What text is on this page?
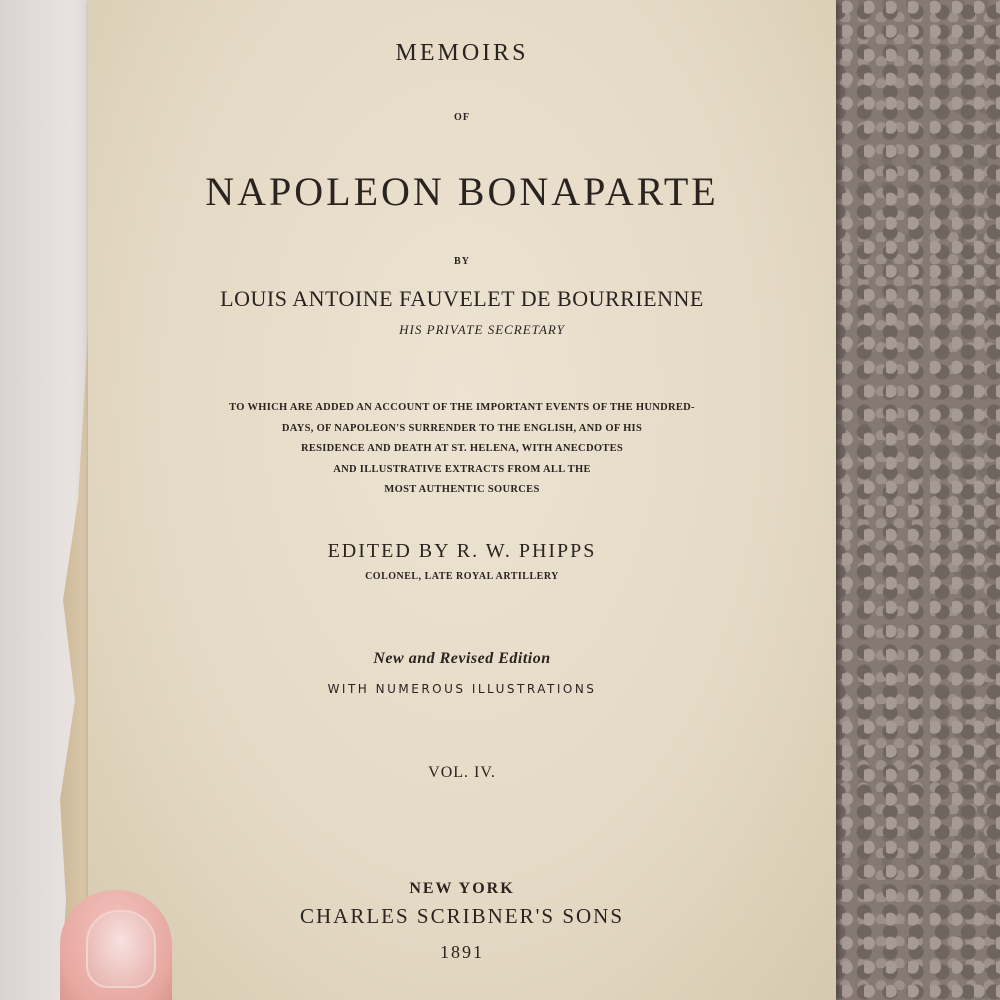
MEMOIRS
OF
NAPOLEON BONAPARTE
BY
LOUIS ANTOINE FAUVELET DE BOURRIENNE
HIS PRIVATE SECRETARY
TO WHICH ARE ADDED AN ACCOUNT OF THE IMPORTANT EVENTS OF THE HUNDRED-
DAYS, OF NAPOLEON'S SURRENDER TO THE ENGLISH, AND OF HIS
RESIDENCE AND DEATH AT ST. HELENA, WITH ANECDOTES
AND ILLUSTRATIVE EXTRACTS FROM ALL THE
MOST AUTHENTIC SOURCES
EDITED BY R. W. PHIPPS
COLONEL, LATE ROYAL ARTILLERY
New and Revised Edition
WITH NUMEROUS ILLUSTRATIONS
VOL. IV.
NEW YORK
CHARLES SCRIBNER'S SONS
1891
